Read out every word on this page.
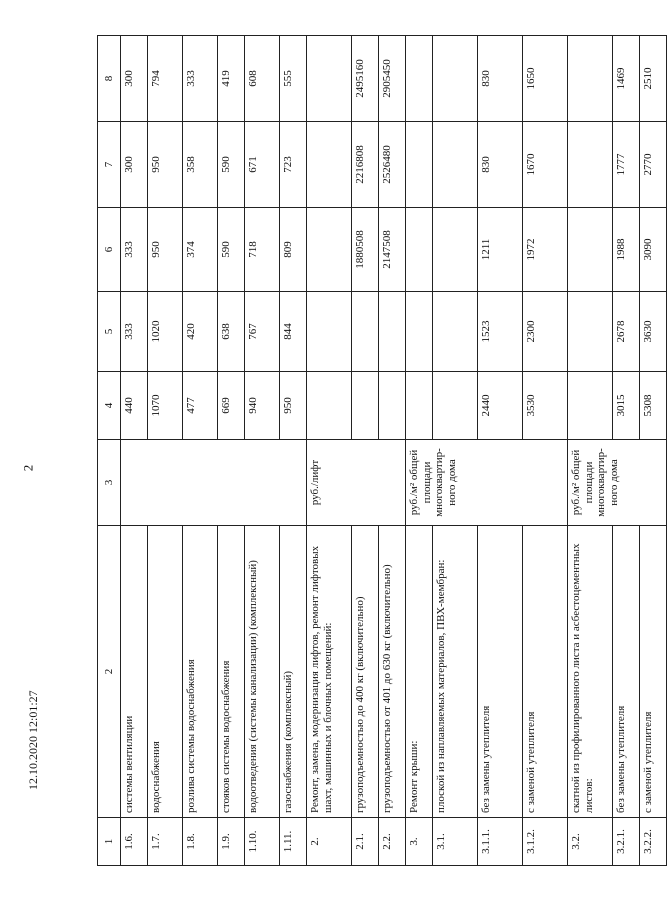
2
12.10.2020 12:01:27
1	2	3	4	5	6	7	8
1.6.	системы вентиляции		440	333	333	300	300
1.7.	водоснабжения		1070	1020	950	950	794
1.8.	розлива системы водоснабжения		477	420	374	358	333
1.9.	стояков системы водоснабжения		669	638	590	590	419
1.10.	водоотведения (системы канализации) (комплексный)		940	767	718	671	608
1.11.	газоснабжения (комплексный)		950	844	809	723	555
2.	Ремонт, замена, модернизация лифтов, ремонт лифтовых шахт, машинных и блочных помещений:	руб./лифт					
2.1.	грузоподъемностью до 400 кг (включительно)				1880508	2216808	2495160
2.2.	грузоподъемностью от 401 до 630 кг (включительно)				2147508	2526480	2905450
3.	Ремонт крыши:	руб./м² общей площади многоквартир-ного дома					
3.1.	плоской из наплавляемых материалов, ПВХ-мембран:						
3.1.1.	без замены утеплителя		2440	1523	1211	830	830
3.1.2.	с заменой утеплителя		3530	2300	1972	1670	1650
3.2.	скатной из профилированного листа и асбестоцементных листов:	руб./м² общей площади многоквартир-ного дома					
3.2.1.	без замены утеплителя		3015	2678	1988	1777	1469
3.2.2.	с заменой утеплителя		5308	3630	3090	2770	2510
